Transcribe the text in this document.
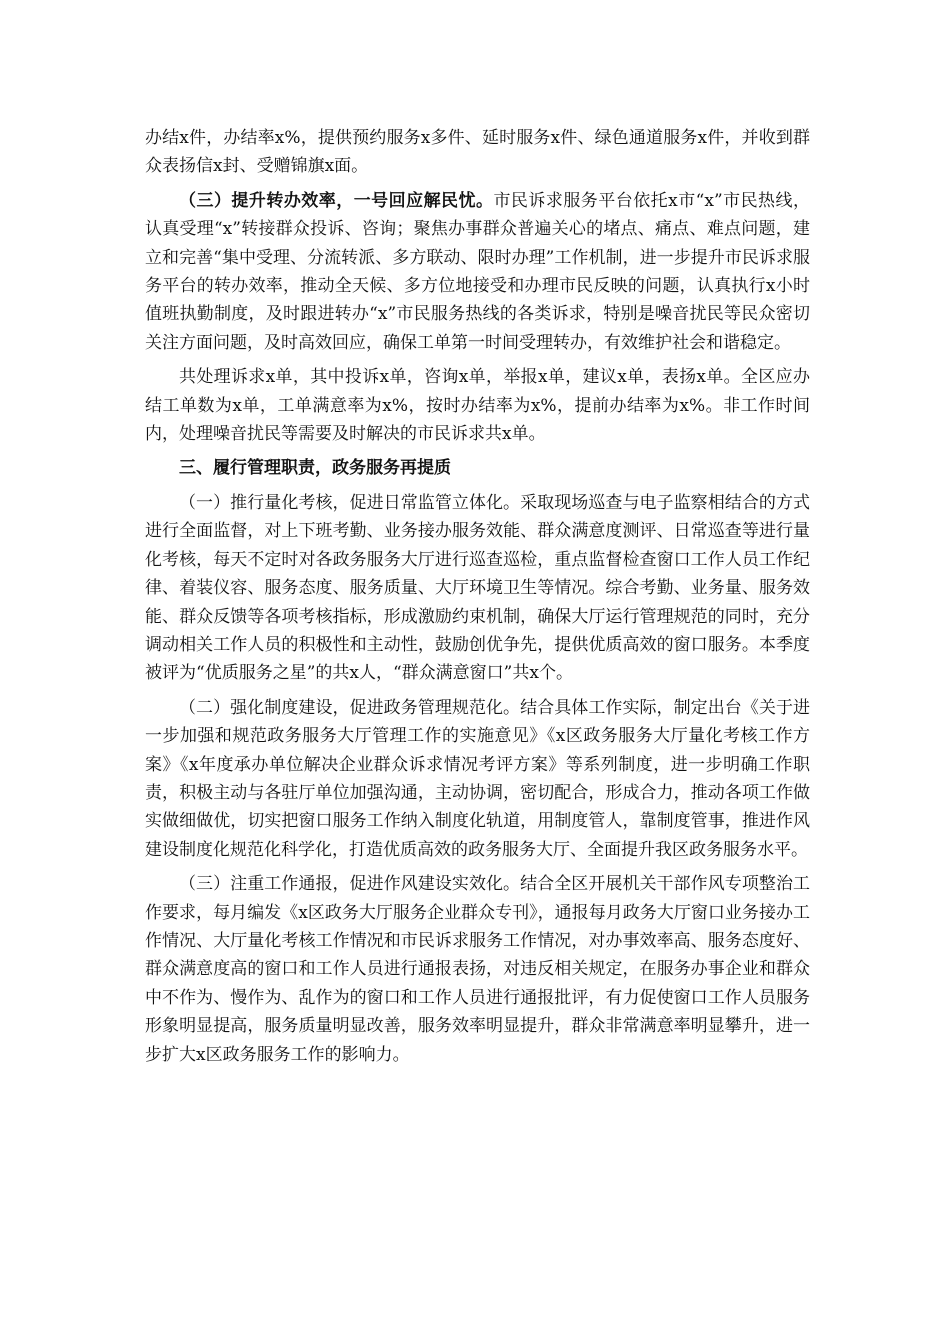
办结x件，办结率x%，提供预约服务x多件、延时服务x件、绿色通道服务x件，并收到群众表扬信x封、受赠锦旗x面。

（三）提升转办效率，一号回应解民忧。市民诉求服务平台依托x市“x”市民热线，认真受理“x”转接群众投诉、咨询；聚焦办事群众普遍关心的堵点、痛点、难点问题，建立和完善“集中受理、分流转派、多方联动、限时办理”工作机制，进一步提升市民诉求服务平台的转办效率，推动全天候、多方位地接受和办理市民反映的问题，认真执行x小时值班执勤制度，及时跟进转办“x”市民服务热线的各类诉求，特别是噪音扰民等民众密切关注方面问题，及时高效回应，确保工单第一时间受理转办，有效维护社会和谐稳定。

共处理诉求x单，其中投诉x单，咨询x单，举报x单，建议x单，表扬x单。全区应办结工单数为x单，工单满意率为x%，按时办结率为x%，提前办结率为x%。非工作时间内，处理噪音扰民等需要及时解决的市民诉求共x单。

三、履行管理职责，政务服务再提质

（一）推行量化考核，促进日常监管立体化。采取现场巡查与电子监察相结合的方式进行全面监督，对上下班考勤、业务接办服务效能、群众满意度测评、日常巡查等进行量化考核，每天不定时对各政务服务大厅进行巡查巡检，重点监督检查窗口工作人员工作纪律、着装仪容、服务态度、服务质量、大厅环境卫生等情况。综合考勤、业务量、服务效能、群众反馈等各项考核指标，形成激励约束机制，确保大厅运行管理规范的同时，充分调动相关工作人员的积极性和主动性，鼓励创优争先，提供优质高效的窗口服务。本季度被评为“优质服务之星”的共x人，“群众满意窗口”共x个。

（二）强化制度建设，促进政务管理规范化。结合具体工作实际，制定出台《关于进一步加强和规范政务服务大厅管理工作的实施意见》《x区政务服务大厅量化考核工作方案》《x年度承办单位解决企业群众诉求情况考评方案》等系列制度，进一步明确工作职责，积极主动与各驻厅单位加强沟通，主动协调，密切配合，形成合力，推动各项工作做实做细做优，切实把窗口服务工作纳入制度化轨道，用制度管人，靠制度管事，推进作风建设制度化规范化科学化，打造优质高效的政务服务大厅、全面提升我区政务服务水平。

（三）注重工作通报，促进作风建设实效化。结合全区开展机关干部作风专项整治工作要求，每月编发《x区政务大厅服务企业群众专刊》，通报每月政务大厅窗口业务接办工作情况、大厅量化考核工作情况和市民诉求服务工作情况，对办事效率高、服务态度好、群众满意度高的窗口和工作人员进行通报表扬，对违反相关规定，在服务办事企业和群众中不作为、慢作为、乱作为的窗口和工作人员进行通报批评，有力促使窗口工作人员服务形象明显提高，服务质量明显改善，服务效率明显提升，群众非常满意率明显攀升，进一步扩大x区政务服务工作的影响力。
